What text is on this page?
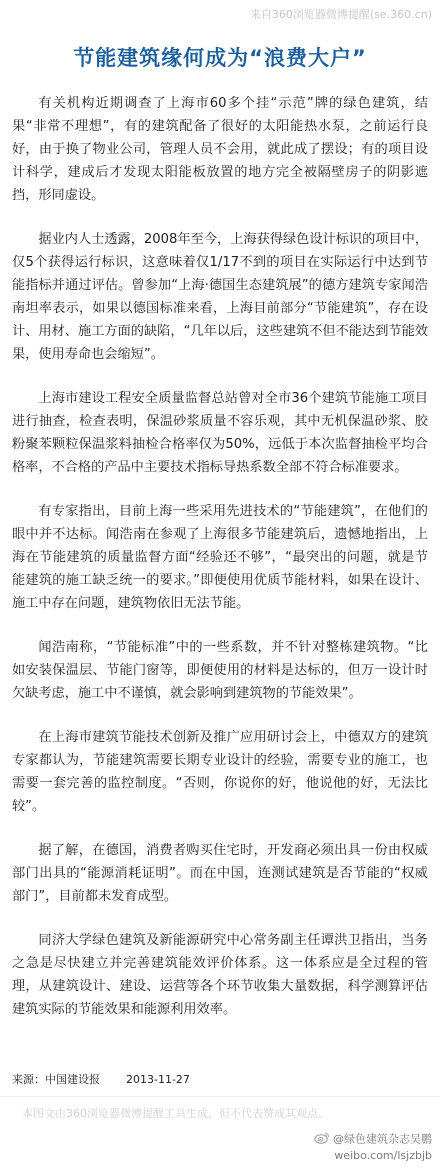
来自360浏览器微博提醒(se.360.cn)
节能建筑缘何成为“浪费大户”

有关机构近期调查了上海市60多个挂“示范”牌的绿色建筑，结果“非常不理想”，有的建筑配备了很好的太阳能热水泵，之前运行良好，由于换了物业公司，管理人员不会用，就此成了摆设；有的项目设计科学，建成后才发现太阳能板放置的地方完全被隔壁房子的阴影遮挡，形同虚设。

据业内人士透露，2008年至今，上海获得绿色设计标识的项目中，仅5个获得运行标识，这意味着仅1/17不到的项目在实际运行中达到节能指标并通过评估。曾参加“上海·德国生态建筑展”的德方建筑专家闻浩南坦率表示，如果以德国标准来看，上海目前部分“节能建筑”，存在设计、用材、施工方面的缺陷，“几年以后，这些建筑不但不能达到节能效果，使用寿命也会缩短”。

上海市建设工程安全质量监督总站曾对全市36个建筑节能施工项目进行抽查，检查表明，保温砂浆质量不容乐观，其中无机保温砂浆、胶粉聚苯颗粒保温浆料抽检合格率仅为50%，远低于本次监督抽检平均合格率，不合格的产品中主要技术指标导热系数全部不符合标准要求。

有专家指出，目前上海一些采用先进技术的“节能建筑”，在他们的眼中并不达标。闻浩南在参观了上海很多节能建筑后，遗憾地指出，上海在节能建筑的质量监督方面“经验还不够”，“最突出的问题，就是节能建筑的施工缺乏统一的要求。”即便使用优质节能材料，如果在设计、施工中存在问题，建筑物依旧无法节能。

闻浩南称，“节能标准”中的一些系数，并不针对整栋建筑物。“比如安装保温层、节能门窗等，即便使用的材料是达标的，但万一设计时欠缺考虑，施工中不谨慎，就会影响到建筑物的节能效果”。

在上海市建筑节能技术创新及推广应用研讨会上，中德双方的建筑专家都认为，节能建筑需要长期专业设计的经验，需要专业的施工，也需要一套完善的监控制度。“否则，你说你的好，他说他的好，无法比较”。

据了解，在德国，消费者购买住宅时，开发商必须出具一份由权威部门出具的“能源消耗证明”。而在中国，连测试建筑是否节能的“权威部门”，目前都未发育成型。

同济大学绿色建筑及新能源研究中心常务副主任谭洪卫指出，当务之急是尽快建立并完善建筑能效评价体系。这一体系应是全过程的管理，从建筑设计、建设、运营等各个环节收集大量数据，科学测算评估建筑实际的节能效果和能源利用效率。

来源：中国建设报 2013-11-27
本图文由360浏览器微博提醒工具生成，但不代表赞成其观点。
@绿色建筑杂志吴鹏
weibo.com/lsjzbjb
